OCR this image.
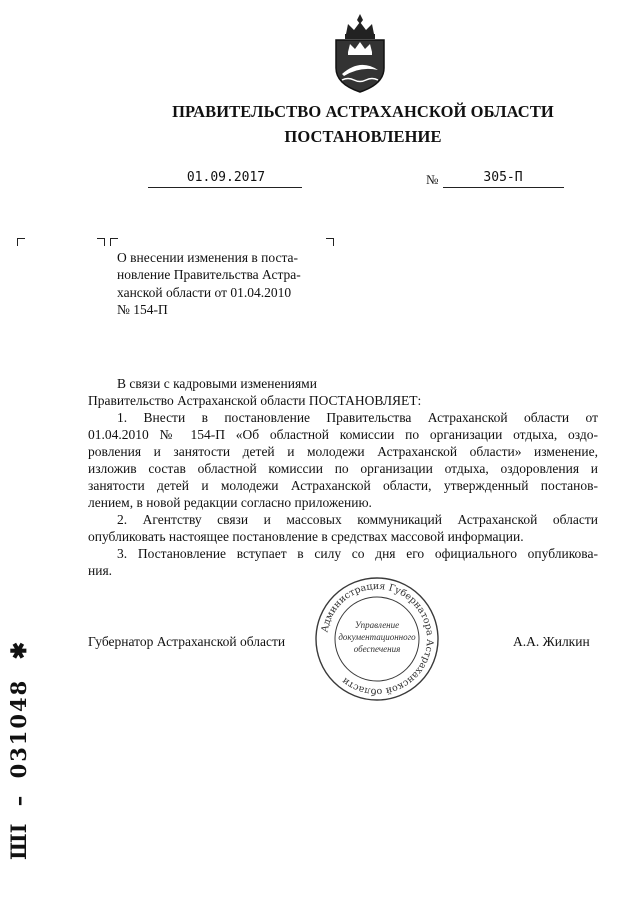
ПРАВИТЕЛЬСТВО АСТРАХАНСКОЙ ОБЛАСТИ
ПОСТАНОВЛЕНИЕ
01.09.2017	№	305-П
О внесении изменения в поста-
новление Правительства Астра-
ханской области от 01.04.2010
№ 154-П
В связи с кадровыми изменениями
Правительство Астраханской области ПОСТАНОВЛЯЕТ:
1. Внести в постановление Правительства Астраханской области от
01.04.2010 № 154-П «Об областной комиссии по организации отдыха, оздо-
ровления и занятости детей и молодежи Астраханской области» изменение,
изложив состав областной комиссии по организации отдыха, оздоровления и
занятости детей и молодежи Астраханской области, утвержденный постанов-
лением, в новой редакции согласно приложению.
2. Агентству связи и массовых коммуникаций Астраханской области
опубликовать настоящее постановление в средствах массовой информации.
3. Постановление вступает в силу со дня его официального опубликова-
ния.
Губернатор Астраханской области	А.А. Жилкин
Администрация Губернатора Астраханской области
Управление
документационного
обеспечения
ШI – 031048 ✱
